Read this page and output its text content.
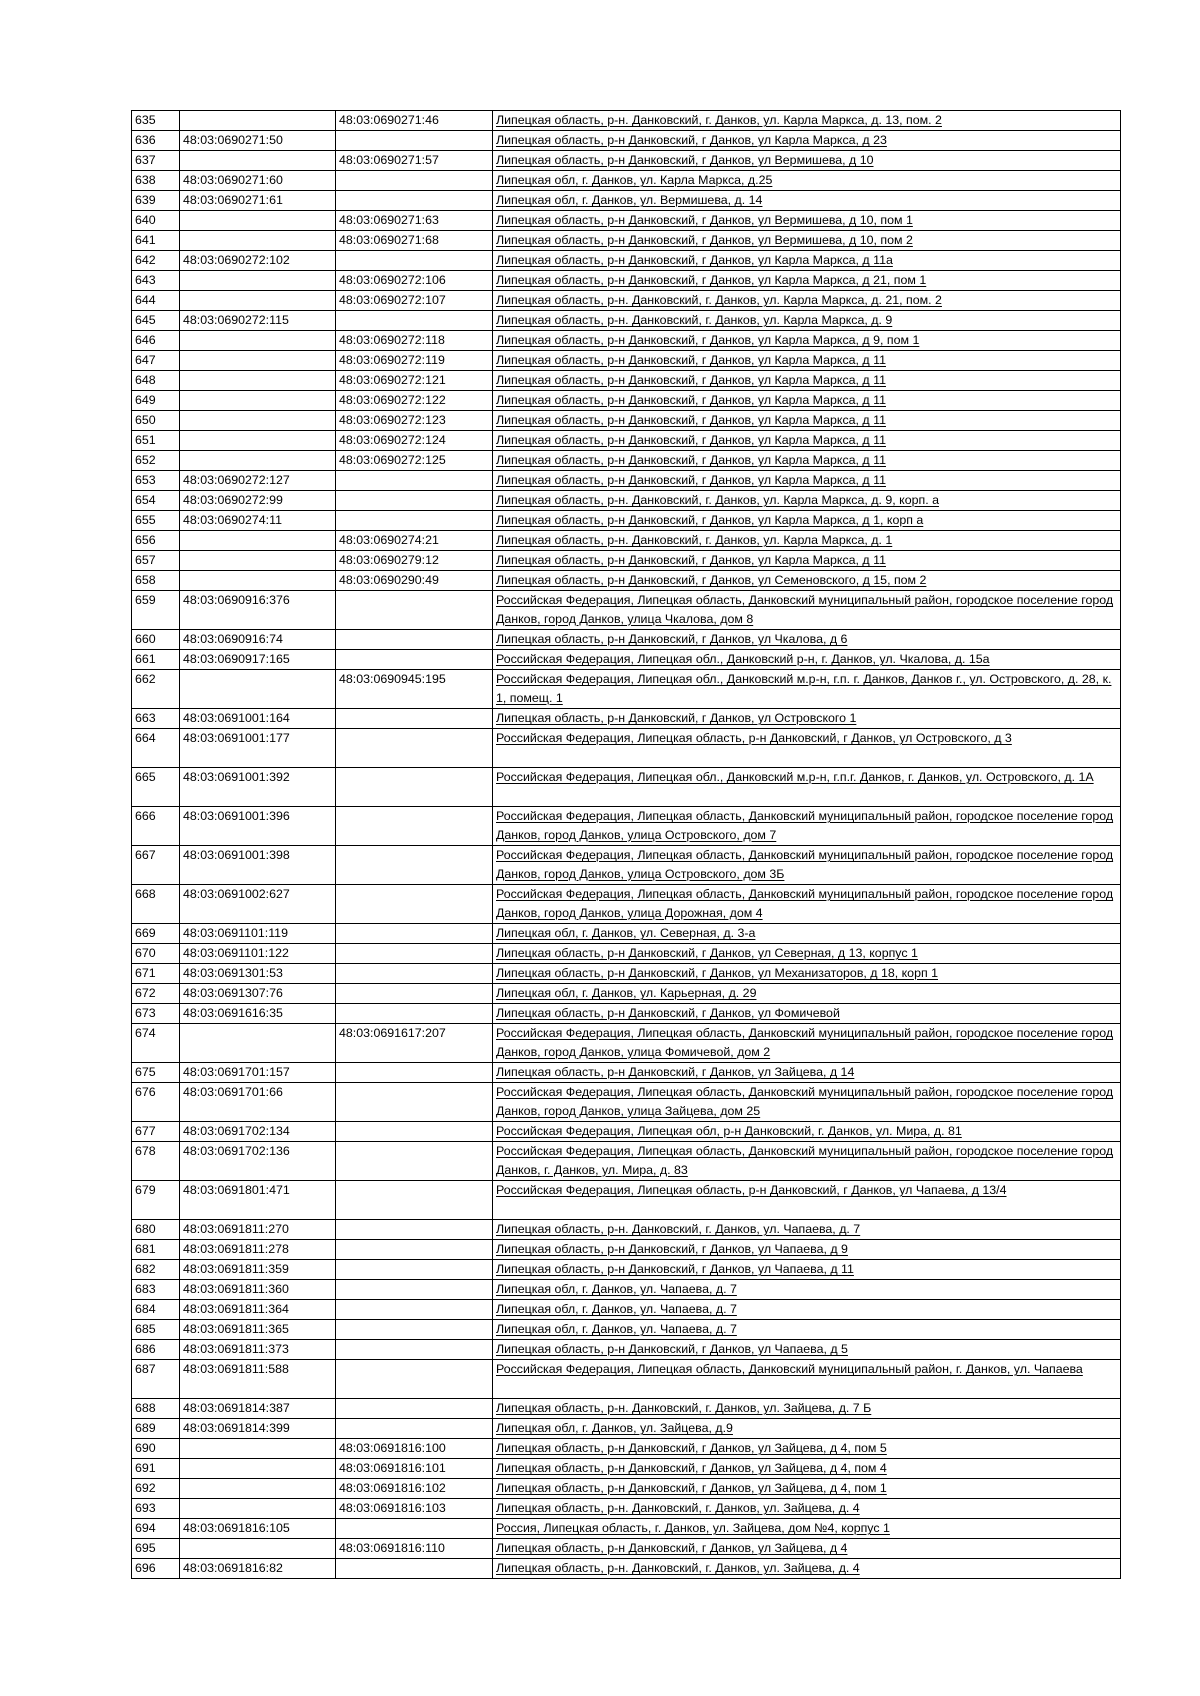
635		48:03:0690271:46	Липецкая область, р-н. Данковский, г. Данков, ул. Карла Маркса, д. 13, пом. 2
636	48:03:0690271:50		Липецкая область, р-н Данковский, г Данков, ул Карла Маркса, д 23
637		48:03:0690271:57	Липецкая область, р-н Данковский, г Данков, ул Вермишева, д 10
638	48:03:0690271:60		Липецкая обл, г. Данков, ул. Карла Маркса, д.25
639	48:03:0690271:61		Липецкая обл, г. Данков, ул. Вермишева, д. 14
640		48:03:0690271:63	Липецкая область, р-н Данковский, г Данков, ул Вермишева, д 10, пом 1
641		48:03:0690271:68	Липецкая область, р-н Данковский, г Данков, ул Вермишева, д 10, пом 2
642	48:03:0690272:102		Липецкая область, р-н Данковский, г Данков, ул Карла Маркса, д 11а
643		48:03:0690272:106	Липецкая область, р-н Данковский, г Данков, ул Карла Маркса, д 21, пом 1
644		48:03:0690272:107	Липецкая область, р-н. Данковский, г. Данков, ул. Карла Маркса, д. 21, пом. 2
645	48:03:0690272:115		Липецкая область, р-н. Данковский, г. Данков, ул. Карла Маркса, д. 9
646		48:03:0690272:118	Липецкая область, р-н Данковский, г Данков, ул Карла Маркса, д 9, пом 1
647		48:03:0690272:119	Липецкая область, р-н Данковский, г Данков, ул Карла Маркса, д 11
648		48:03:0690272:121	Липецкая область, р-н Данковский, г Данков, ул Карла Маркса, д 11
649		48:03:0690272:122	Липецкая область, р-н Данковский, г Данков, ул Карла Маркса, д 11
650		48:03:0690272:123	Липецкая область, р-н Данковский, г Данков, ул Карла Маркса, д 11
651		48:03:0690272:124	Липецкая область, р-н Данковский, г Данков, ул Карла Маркса, д 11
652		48:03:0690272:125	Липецкая область, р-н Данковский, г Данков, ул Карла Маркса, д 11
653	48:03:0690272:127		Липецкая область, р-н Данковский, г Данков, ул Карла Маркса, д 11
654	48:03:0690272:99		Липецкая область, р-н. Данковский, г. Данков, ул. Карла Маркса, д. 9, корп. а
655	48:03:0690274:11		Липецкая область, р-н Данковский, г Данков, ул Карла Маркса, д 1, корп а
656		48:03:0690274:21	Липецкая область, р-н. Данковский, г. Данков, ул. Карла Маркса, д. 1
657		48:03:0690279:12	Липецкая область, р-н Данковский, г Данков, ул Карла Маркса, д 11
658		48:03:0690290:49	Липецкая область, р-н Данковский, г Данков, ул Семеновского, д 15, пом 2
659	48:03:0690916:376		Российская Федерация, Липецкая область, Данковский муниципальный район, городское поселение город Данков, город Данков, улица Чкалова, дом 8
660	48:03:0690916:74		Липецкая область, р-н Данковский, г Данков, ул Чкалова, д 6
661	48:03:0690917:165		Российская Федерация, Липецкая обл., Данковский р-н, г. Данков, ул. Чкалова, д. 15а
662		48:03:0690945:195	Российская Федерация, Липецкая обл., Данковский м.р-н, г.п. г. Данков, Данков г., ул. Островского, д. 28, к. 1, помещ. 1
663	48:03:0691001:164		Липецкая область, р-н Данковский, г Данков, ул Островского 1
664	48:03:0691001:177		Российская Федерация, Липецкая область, р-н Данковский, г Данков, ул Островского, д 3
665	48:03:0691001:392		Российская Федерация, Липецкая обл., Данковский м.р-н, г.п.г. Данков, г. Данков, ул. Островского, д. 1А
666	48:03:0691001:396		Российская Федерация, Липецкая область, Данковский муниципальный район, городское поселение город Данков, город Данков, улица Островского, дом 7
667	48:03:0691001:398		Российская Федерация, Липецкая область, Данковский муниципальный район, городское поселение город Данков, город Данков, улица Островского, дом 3Б
668	48:03:0691002:627		Российская Федерация, Липецкая область, Данковский муниципальный район, городское поселение город Данков, город Данков, улица Дорожная, дом 4
669	48:03:0691101:119		Липецкая обл, г. Данков, ул. Северная, д. 3-а
670	48:03:0691101:122		Липецкая область, р-н Данковский, г Данков, ул Северная, д 13, корпус 1
671	48:03:0691301:53		Липецкая область, р-н Данковский, г Данков, ул Механизаторов, д 18, корп 1
672	48:03:0691307:76		Липецкая обл, г. Данков, ул. Карьерная, д. 29
673	48:03:0691616:35		Липецкая область, р-н Данковский, г Данков, ул Фомичевой
674		48:03:0691617:207	Российская Федерация, Липецкая область, Данковский муниципальный район, городское поселение город Данков, город Данков, улица Фомичевой, дом 2
675	48:03:0691701:157		Липецкая область, р-н Данковский, г Данков, ул Зайцева, д 14
676	48:03:0691701:66		Российская Федерация, Липецкая область, Данковский муниципальный район, городское поселение город Данков, город Данков, улица Зайцева, дом 25
677	48:03:0691702:134		Российская Федерация, Липецкая обл, р-н Данковский, г. Данков, ул. Мира, д. 81
678	48:03:0691702:136		Российская Федерация, Липецкая область, Данковский муниципальный район, городское поселение город Данков, г. Данков, ул. Мира, д. 83
679	48:03:0691801:471		Российская Федерация, Липецкая область, р-н Данковский, г Данков, ул Чапаева, д 13/4
680	48:03:0691811:270		Липецкая область, р-н. Данковский, г. Данков, ул. Чапаева, д. 7
681	48:03:0691811:278		Липецкая область, р-н Данковский, г Данков, ул Чапаева, д 9
682	48:03:0691811:359		Липецкая область, р-н Данковский, г Данков, ул Чапаева, д 11
683	48:03:0691811:360		Липецкая обл, г. Данков, ул. Чапаева, д. 7
684	48:03:0691811:364		Липецкая обл, г. Данков, ул. Чапаева, д. 7
685	48:03:0691811:365		Липецкая обл, г. Данков, ул. Чапаева, д. 7
686	48:03:0691811:373		Липецкая область, р-н Данковский, г Данков, ул Чапаева, д 5
687	48:03:0691811:588		Российская Федерация, Липецкая область, Данковский муниципальный район, г. Данков, ул. Чапаева
688	48:03:0691814:387		Липецкая область, р-н. Данковский, г. Данков, ул. Зайцева, д. 7 Б
689	48:03:0691814:399		Липецкая обл, г. Данков, ул. Зайцева, д.9
690		48:03:0691816:100	Липецкая область, р-н Данковский, г Данков, ул Зайцева, д 4, пом 5
691		48:03:0691816:101	Липецкая область, р-н Данковский, г Данков, ул Зайцева, д 4, пом 4
692		48:03:0691816:102	Липецкая область, р-н Данковский, г Данков, ул Зайцева, д 4, пом 1
693		48:03:0691816:103	Липецкая область, р-н. Данковский, г. Данков, ул. Зайцева, д. 4
694	48:03:0691816:105		Россия, Липецкая область, г. Данков, ул. Зайцева, дом №4, корпус 1
695		48:03:0691816:110	Липецкая область, р-н Данковский, г Данков, ул Зайцева, д 4
696	48:03:0691816:82		Липецкая область, р-н. Данковский, г. Данков, ул. Зайцева, д. 4
